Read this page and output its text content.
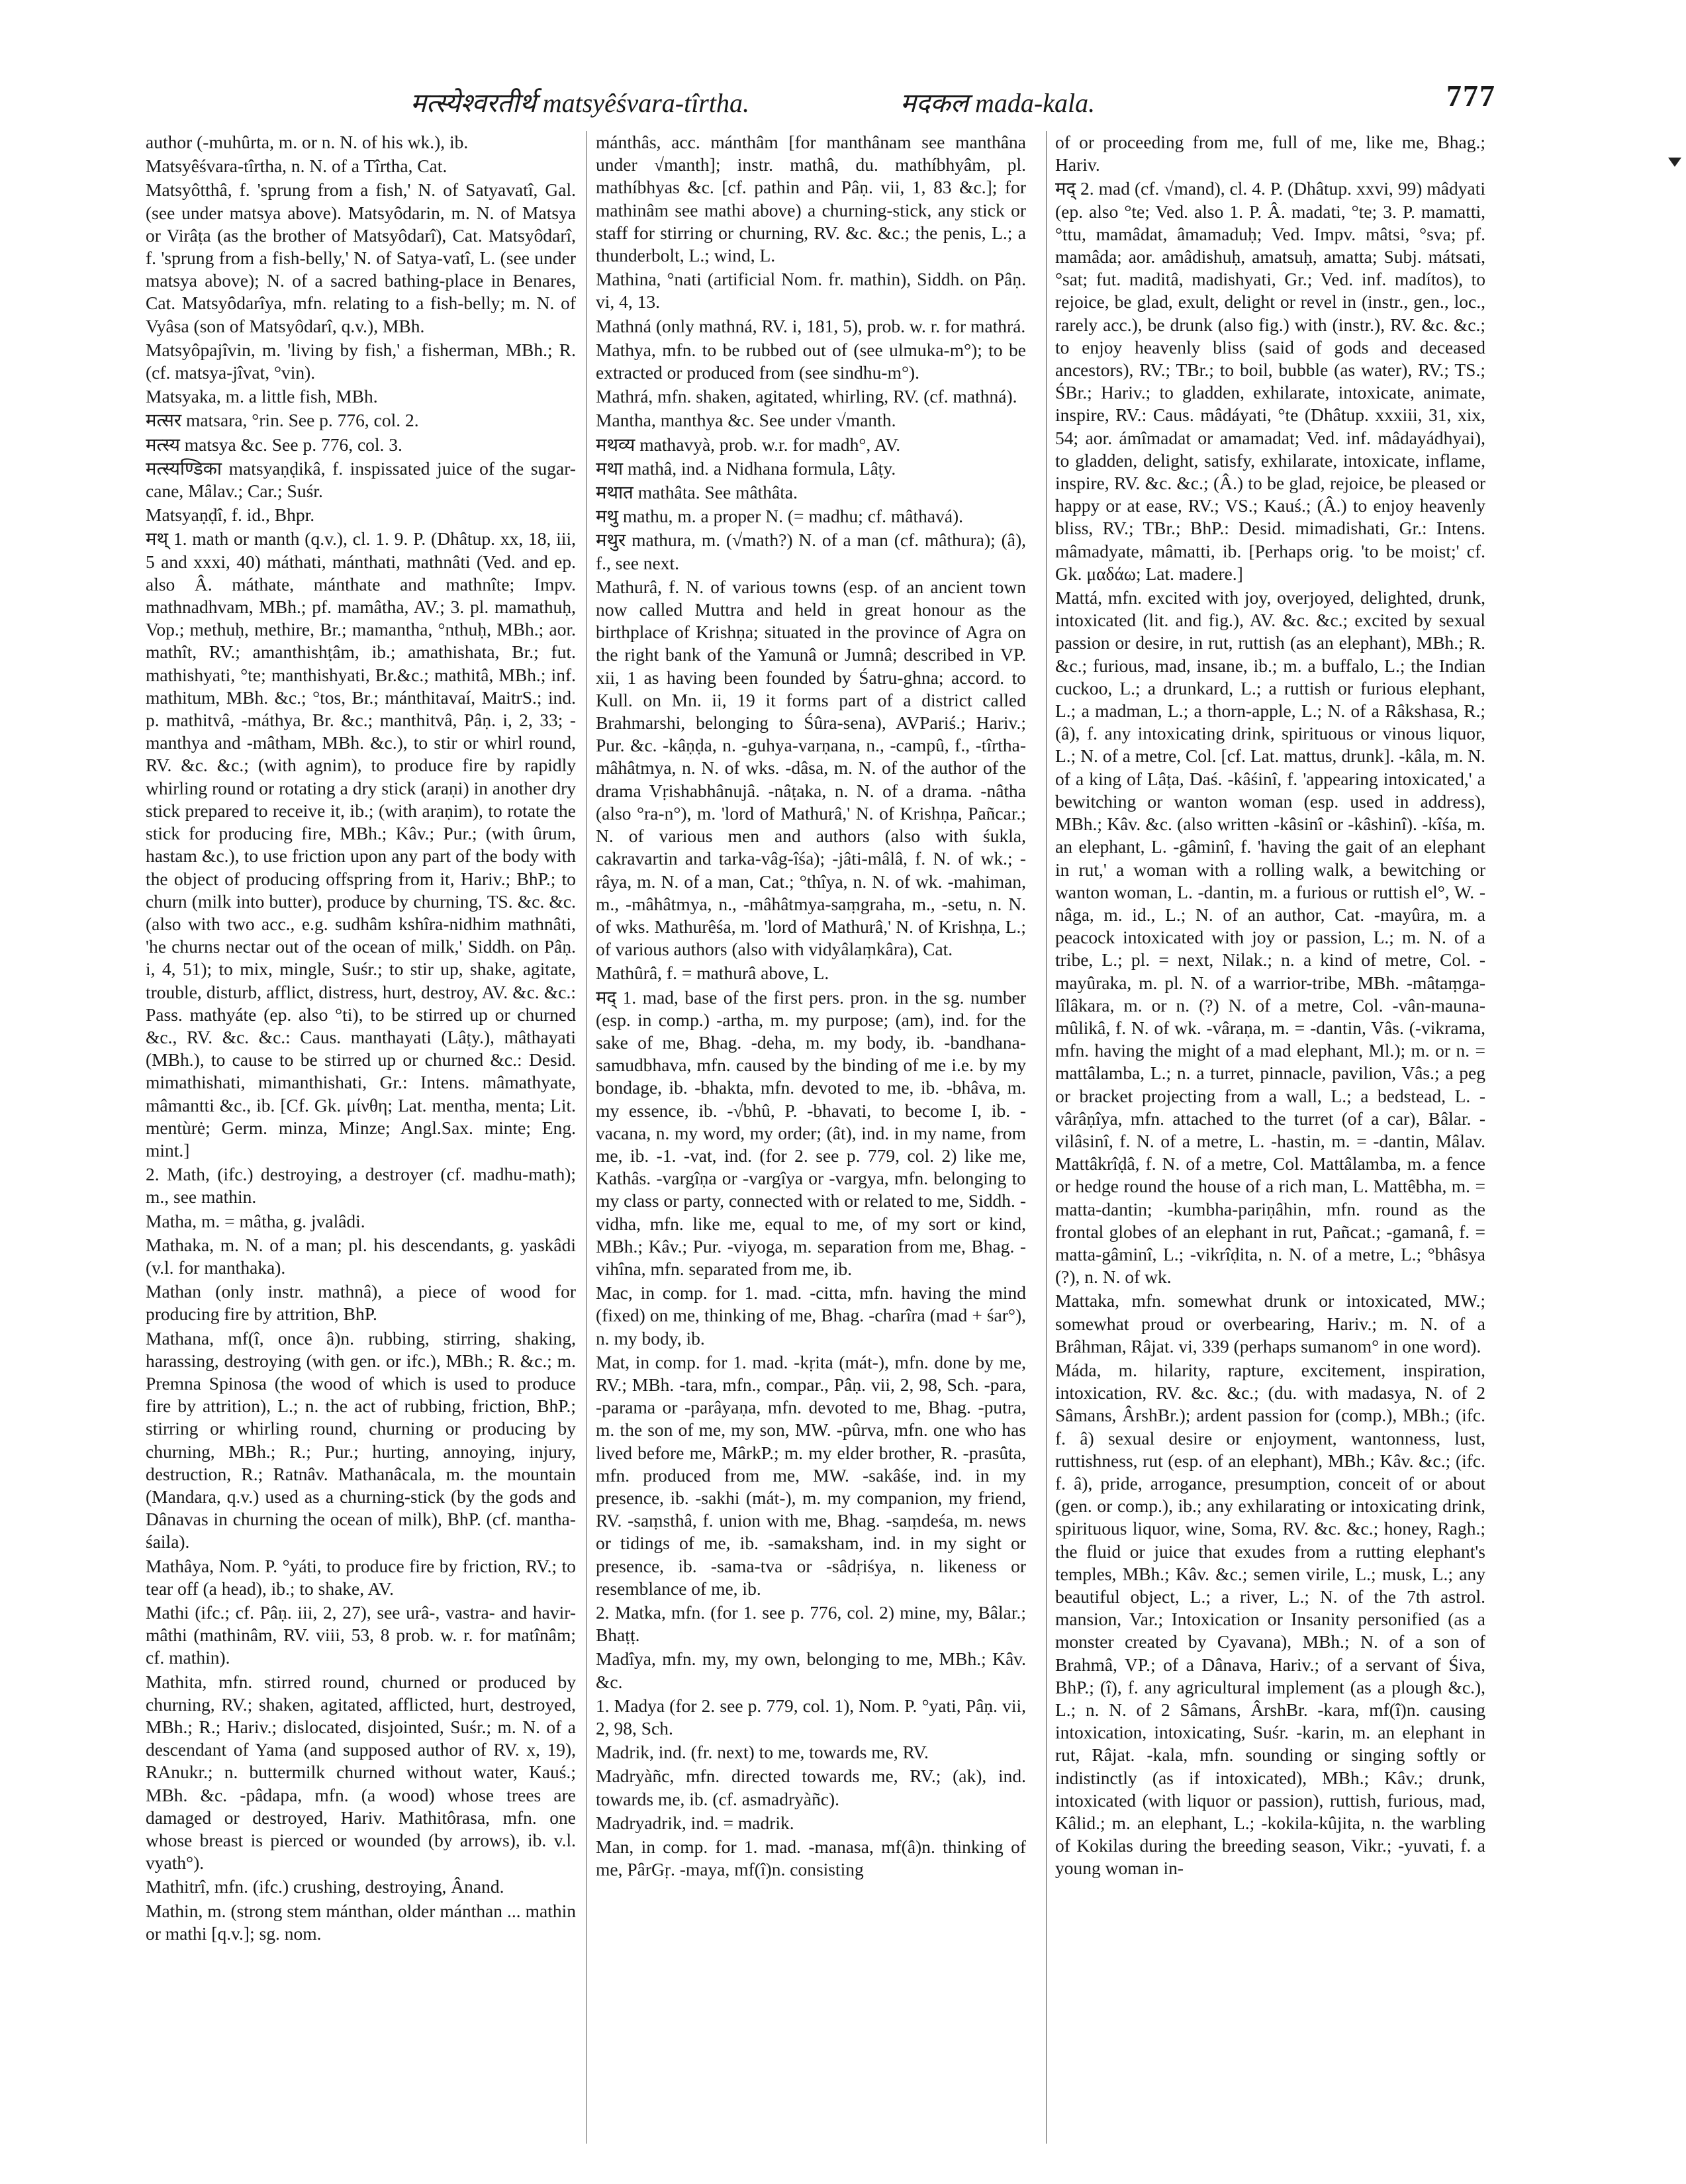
मत्स्येश्वरतीर्थ matsyêśvara-tîrtha.	मदकल mada-kala.	777

author (-muhûrta, m. or n. N. of his wk.), ib.

Matsyêśvara-tîrtha, n. N. of a Tîrtha, Cat.

Matsyôtthâ, f. 'sprung from a fish,' N. of Satyavatî, Gal. (see under matsya above). Matsyôdarin, m. N. of Matsya or Virâṭa (as the brother of Matsyôdarî), Cat. Matsyôdarî, f. 'sprung from a fish-belly,' N. of Satya-vatî, L. (see under matsya above); N. of a sacred bathing-place in Benares, Cat. Matsyôdarîya, mfn. relating to a fish-belly; m. N. of Vyâsa (son of Matsyôdarî, q.v.), MBh.

Matsyôpajîvin, m. 'living by fish,' a fisherman, MBh.; R. (cf. matsya-jîvat, °vin).

Matsyaka, m. a little fish, MBh.

मत्सर matsara, °rin. See p. 776, col. 2.

मत्स्य matsya &c. See p. 776, col. 3.

मत्स्यण्डिका matsyaṇḍikâ, f. inspissated juice of the sugar-cane, Mâlav.; Car.; Suśr.

Matsyaṇḍî, f. id., Bhpr.

मथ् 1. math or manth (q.v.), cl. 1. 9. P. (Dhâtup. xx, 18, iii, 5 and xxxi, 40) máthati, mánthati, mathnâti (Ved. and ep. also Â. máthate, mánthate and mathnîte; Impv. mathnadhvam, MBh.; pf. mamâtha, AV.; 3. pl. mamathuḥ, Vop.; methuḥ, methire, Br.; mamantha, °nthuḥ, MBh.; aor. mathît, RV.; amanthishṭâm, ib.; amathishata, Br.; fut. mathishyati, °te; manthishyati, Br.&c.; mathitâ, MBh.; inf. mathitum, MBh. &c.; °tos, Br.; mánthitavaí, MaitrS.; ind. p. mathitvâ, -máthya, Br. &c.; manthitvâ, Pâṇ. i, 2, 33; -manthya and -mâtham, MBh. &c.), to stir or whirl round, RV. &c. &c.; (with agnim), to produce fire by rapidly whirling round or rotating a dry stick (araṇi) in another dry stick prepared to receive it, ib.; (with araṇim), to rotate the stick for producing fire, MBh.; Kâv.; Pur.; (with ûrum, hastam &c.), to use friction upon any part of the body with the object of producing offspring from it, Hariv.; BhP.; to churn (milk into butter), produce by churning, TS. &c. &c. (also with two acc., e.g. sudhâm kshîra-nidhim mathnâti, 'he churns nectar out of the ocean of milk,' Siddh. on Pâṇ. i, 4, 51); to mix, mingle, Suśr.; to stir up, shake, agitate, trouble, disturb, afflict, distress, hurt, destroy, AV. &c. &c.: Pass. mathyáte (ep. also °ti), to be stirred up or churned &c., RV. &c. &c.: Caus. manthayati (Lâṭy.), mâthayati (MBh.), to cause to be stirred up or churned &c.: Desid. mimathishati, mimanthishati, Gr.: Intens. mâmathyate, mâmantti &c., ib. [Cf. Gk. μίνθη; Lat. mentha, menta; Lit. mentùrė; Germ. minza, Minze; Angl.Sax. minte; Eng. mint.]

2. Math, (ifc.) destroying, a destroyer (cf. madhu-math); m., see mathin.

Matha, m. = mâtha, g. jvalâdi.

Mathaka, m. N. of a man; pl. his descendants, g. yaskâdi (v.l. for manthaka).

Mathan (only instr. mathnâ), a piece of wood for producing fire by attrition, BhP.

Mathana, mf(î, once â)n. rubbing, stirring, shaking, harassing, destroying (with gen. or ifc.), MBh.; R. &c.; m. Premna Spinosa (the wood of which is used to produce fire by attrition), L.; n. the act of rubbing, friction, BhP.; stirring or whirling round, churning or producing by churning, MBh.; R.; Pur.; hurting, annoying, injury, destruction, R.; Ratnâv. Mathanâcala, m. the mountain (Mandara, q.v.) used as a churning-stick (by the gods and Dânavas in churning the ocean of milk), BhP. (cf. mantha-śaila).

Mathâya, Nom. P. °yáti, to produce fire by friction, RV.; to tear off (a head), ib.; to shake, AV.

Mathi (ifc.; cf. Pâṇ. iii, 2, 27), see urâ-, vastra- and havir-mâthi (mathinâm, RV. viii, 53, 8 prob. w. r. for matînâm; cf. mathin).

Mathita, mfn. stirred round, churned or produced by churning, RV.; shaken, agitated, afflicted, hurt, destroyed, MBh.; R.; Hariv.; dislocated, disjointed, Suśr.; m. N. of a descendant of Yama (and supposed author of RV. x, 19), RAnukr.; n. buttermilk churned without water, Kauś.; MBh. &c. -pâdapa, mfn. (a wood) whose trees are damaged or destroyed, Hariv. Mathitôrasa, mfn. one whose breast is pierced or wounded (by arrows), ib. v.l. vyath°).

Mathitrî, mfn. (ifc.) crushing, destroying, Ânand.

Mathin, m. (strong stem mánthan, older mánthan ... mathin or mathi [q.v.]; sg. nom.

mánthâs, acc. mánthâm [for manthânam see manthâna under √manth]; instr. mathâ, du. mathíbhyâm, pl. mathíbhyas &c. [cf. pathin and Pâṇ. vii, 1, 83 &c.]; for mathinâm see mathi above) a churning-stick, any stick or staff for stirring or churning, RV. &c. &c.; the penis, L.; a thunderbolt, L.; wind, L.

Mathina, °nati (artificial Nom. fr. mathin), Siddh. on Pâṇ. vi, 4, 13.

Mathná (only mathná, RV. i, 181, 5), prob. w. r. for mathrá.

Mathya, mfn. to be rubbed out of (see ulmuka-m°); to be extracted or produced from (see sindhu-m°).

Mathrá, mfn. shaken, agitated, whirling, RV. (cf. mathná).

Mantha, manthya &c. See under √manth.

मथव्य mathavyà, prob. w.r. for madh°, AV.

मथा mathâ, ind. a Nidhana formula, Lâṭy.

मथात mathâta. See mâthâta.

मथु mathu, m. a proper N. (= madhu; cf. mâthavá).

मथुर mathura, m. (√math?) N. of a man (cf. mâthura); (â), f., see next.

Mathurâ, f. N. of various towns (esp. of an ancient town now called Muttra and held in great honour as the birthplace of Krishṇa; situated in the province of Agra on the right bank of the Yamunâ or Jumnâ; described in VP. xii, 1 as having been founded by Śatru-ghna; accord. to Kull. on Mn. ii, 19 it forms part of a district called Brahmarshi, belonging to Śûra-sena), AVPariś.; Hariv.; Pur. &c. -kâṇḍa, n. -guhya-varṇana, n., -campû, f., -tîrtha-mâhâtmya, n. N. of wks. -dâsa, m. N. of the author of the drama Vṛishabhânujâ. -nâṭaka, n. N. of a drama. -nâtha (also °ra-n°), m. 'lord of Mathurâ,' N. of Krishṇa, Pañcar.; N. of various men and authors (also with śukla, cakravartin and tarka-vâg-îśa); -jâti-mâlâ, f. N. of wk.; -râya, m. N. of a man, Cat.; °thîya, n. N. of wk. -mahiman, m., -mâhâtmya, n., -mâhâtmya-saṃgraha, m., -setu, n. N. of wks. Mathurêśa, m. 'lord of Mathurâ,' N. of Krishṇa, L.; of various authors (also with vidyâlaṃkâra), Cat.

Mathûrâ, f. = mathurâ above, L.

मद् 1. mad, base of the first pers. pron. in the sg. number (esp. in comp.) -artha, m. my purpose; (am), ind. for the sake of me, Bhag. -deha, m. my body, ib. -bandhana-samudbhava, mfn. caused by the binding of me i.e. by my bondage, ib. -bhakta, mfn. devoted to me, ib. -bhâva, m. my essence, ib. -√bhû, P. -bhavati, to become I, ib. -vacana, n. my word, my order; (ât), ind. in my name, from me, ib. -1. -vat, ind. (for 2. see p. 779, col. 2) like me, Kathâs. -vargîṇa or -vargîya or -vargya, mfn. belonging to my class or party, connected with or related to me, Siddh. -vidha, mfn. like me, equal to me, of my sort or kind, MBh.; Kâv.; Pur. -viyoga, m. separation from me, Bhag. -vihîna, mfn. separated from me, ib.

Mac, in comp. for 1. mad. -citta, mfn. having the mind (fixed) on me, thinking of me, Bhag. -charîra (mad + śar°), n. my body, ib.

Mat, in comp. for 1. mad. -kṛita (mát-), mfn. done by me, RV.; MBh. -tara, mfn., compar., Pâṇ. vii, 2, 98, Sch. -para, -parama or -parâyaṇa, mfn. devoted to me, Bhag. -putra, m. the son of me, my son, MW. -pûrva, mfn. one who has lived before me, MârkP.; m. my elder brother, R. -prasûta, mfn. produced from me, MW. -sakâśe, ind. in my presence, ib. -sakhi (mát-), m. my companion, my friend, RV. -saṃsthâ, f. union with me, Bhag. -saṃdeśa, m. news or tidings of me, ib. -samaksham, ind. in my sight or presence, ib. -sama-tva or -sâdṛiśya, n. likeness or resemblance of me, ib.

2. Matka, mfn. (for 1. see p. 776, col. 2) mine, my, Bâlar.; Bhaṭṭ.

Madîya, mfn. my, my own, belonging to me, MBh.; Kâv. &c.

1. Madya (for 2. see p. 779, col. 1), Nom. P. °yati, Pâṇ. vii, 2, 98, Sch.

Madrik, ind. (fr. next) to me, towards me, RV.

Madryàñc, mfn. directed towards me, RV.; (ak), ind. towards me, ib. (cf. asmadryàñc).

Madryadrik, ind. = madrik.

Man, in comp. for 1. mad. -manasa, mf(â)n. thinking of me, PârGṛ. -maya, mf(î)n. consisting

of or proceeding from me, full of me, like me, Bhag.; Hariv.

मद् 2. mad (cf. √mand), cl. 4. P. (Dhâtup. xxvi, 99) mâdyati (ep. also °te; Ved. also 1. P. Â. madati, °te; 3. P. mamatti, °ttu, mamâdat, âmamaduḥ; Ved. Impv. mâtsi, °sva; pf. mamâda; aor. amâdishuḥ, amatsuḥ, amatta; Subj. mátsati, °sat; fut. maditâ, madishyati, Gr.; Ved. inf. madítos), to rejoice, be glad, exult, delight or revel in (instr., gen., loc., rarely acc.), be drunk (also fig.) with (instr.), RV. &c. &c.; to enjoy heavenly bliss (said of gods and deceased ancestors), RV.; TBr.; to boil, bubble (as water), RV.; TS.; ŚBr.; Hariv.; to gladden, exhilarate, intoxicate, animate, inspire, RV.: Caus. mâdáyati, °te (Dhâtup. xxxiii, 31, xix, 54; aor. ámîmadat or amamadat; Ved. inf. mâdayádhyai), to gladden, delight, satisfy, exhilarate, intoxicate, inflame, inspire, RV. &c. &c.; (Â.) to be glad, rejoice, be pleased or happy or at ease, RV.; VS.; Kauś.; (Â.) to enjoy heavenly bliss, RV.; TBr.; BhP.: Desid. mimadishati, Gr.: Intens. mâmadyate, mâmatti, ib. [Perhaps orig. 'to be moist;' cf. Gk. μαδάω; Lat. madere.]

Mattá, mfn. excited with joy, overjoyed, delighted, drunk, intoxicated (lit. and fig.), AV. &c. &c.; excited by sexual passion or desire, in rut, ruttish (as an elephant), MBh.; R. &c.; furious, mad, insane, ib.; m. a buffalo, L.; the Indian cuckoo, L.; a drunkard, L.; a ruttish or furious elephant, L.; a madman, L.; a thorn-apple, L.; N. of a Râkshasa, R.; (â), f. any intoxicating drink, spirituous or vinous liquor, L.; N. of a metre, Col. [cf. Lat. mattus, drunk]. -kâla, m. N. of a king of Lâṭa, Daś. -kâśinî, f. 'appearing intoxicated,' a bewitching or wanton woman (esp. used in address), MBh.; Kâv. &c. (also written -kâsinî or -kâshinî). -kîśa, m. an elephant, L. -gâminî, f. 'having the gait of an elephant in rut,' a woman with a rolling walk, a bewitching or wanton woman, L. -dantin, m. a furious or ruttish el°, W. -nâga, m. id., L.; N. of an author, Cat. -mayûra, m. a peacock intoxicated with joy or passion, L.; m. N. of a tribe, L.; pl. = next, Nilak.; n. a kind of metre, Col. -mayûraka, m. pl. N. of a warrior-tribe, MBh. -mâtaṃga-lîlâkara, m. or n. (?) N. of a metre, Col. -vân-mauna-mûlikâ, f. N. of wk. -vâraṇa, m. = -dantin, Vâs. (-vikrama, mfn. having the might of a mad elephant, Ml.); m. or n. = mattâlamba, L.; n. a turret, pinnacle, pavilion, Vâs.; a peg or bracket projecting from a wall, L.; a bedstead, L. -vârâṇîya, mfn. attached to the turret (of a car), Bâlar. -vilâsinî, f. N. of a metre, L. -hastin, m. = -dantin, Mâlav. Mattâkrîḍâ, f. N. of a metre, Col. Mattâlamba, m. a fence or hedge round the house of a rich man, L. Mattêbha, m. = matta-dantin; -kumbha-pariṇâhin, mfn. round as the frontal globes of an elephant in rut, Pañcat.; -gamanâ, f. = matta-gâminî, L.; -vikrîḍita, n. N. of a metre, L.; °bhâsya (?), n. N. of wk.

Mattaka, mfn. somewhat drunk or intoxicated, MW.; somewhat proud or overbearing, Hariv.; m. N. of a Brâhman, Râjat. vi, 339 (perhaps sumanom° in one word).

Máda, m. hilarity, rapture, excitement, inspiration, intoxication, RV. &c. &c.; (du. with madasya, N. of 2 Sâmans, ÂrshBr.); ardent passion for (comp.), MBh.; (ifc. f. â) sexual desire or enjoyment, wantonness, lust, ruttishness, rut (esp. of an elephant), MBh.; Kâv. &c.; (ifc. f. â), pride, arrogance, presumption, conceit of or about (gen. or comp.), ib.; any exhilarating or intoxicating drink, spirituous liquor, wine, Soma, RV. &c. &c.; honey, Ragh.; the fluid or juice that exudes from a rutting elephant's temples, MBh.; Kâv. &c.; semen virile, L.; musk, L.; any beautiful object, L.; a river, L.; N. of the 7th astrol. mansion, Var.; Intoxication or Insanity personified (as a monster created by Cyavana), MBh.; N. of a son of Brahmâ, VP.; of a Dânava, Hariv.; of a servant of Śiva, BhP.; (î), f. any agricultural implement (as a plough &c.), L.; n. N. of 2 Sâmans, ÂrshBr. -kara, mf(î)n. causing intoxication, intoxicating, Suśr. -karin, m. an elephant in rut, Râjat. -kala, mfn. sounding or singing softly or indistinctly (as if intoxicated), MBh.; Kâv.; drunk, intoxicated (with liquor or passion), ruttish, furious, mad, Kâlid.; m. an elephant, L.; -kokila-kûjita, n. the warbling of Kokilas during the breeding season, Vikr.; -yuvati, f. a young woman in-
